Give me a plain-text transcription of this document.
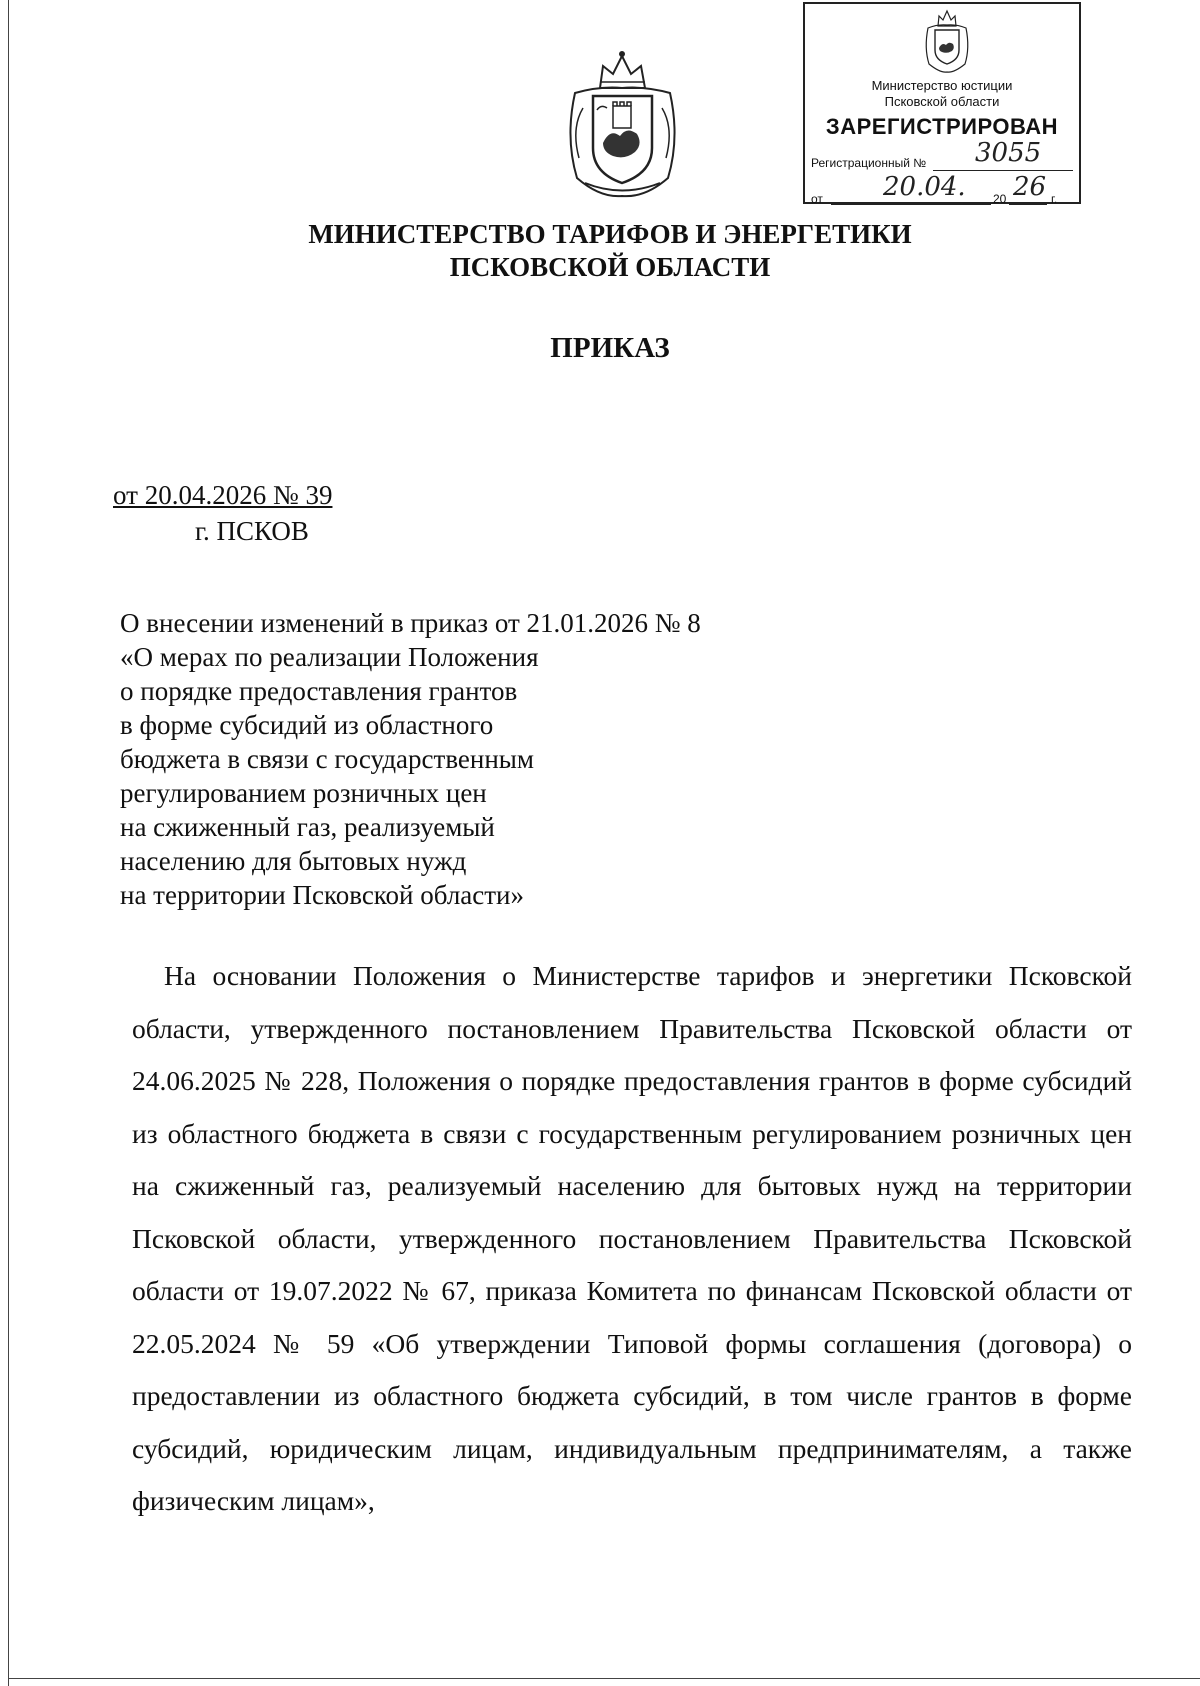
Министерство юстиции
Псковской области
ЗАРЕГИСТРИРОВАН
Регистрационный № 3055
от 20.04. 20 26 г.
МИНИСТЕРСТВО ТАРИФОВ И ЭНЕРГЕТИКИ
ПСКОВСКОЙ ОБЛАСТИ
ПРИКАЗ
от 20.04.2026 № 39
г. ПСКОВ
О внесении изменений в приказ от 21.01.2026 № 8
«О мерах по реализации Положения
о порядке предоставления грантов
в форме субсидий из областного
бюджета в связи с государственным
регулированием розничных цен
на сжиженный газ, реализуемый
населению для бытовых нужд
на территории Псковской области»
На основании Положения о Министерстве тарифов и энергетики Псковской области, утвержденного постановлением Правительства Псковской области от 24.06.2025 № 228, Положения о порядке предоставления грантов в форме субсидий из областного бюджета в связи с государственным регулированием розничных цен на сжиженный газ, реализуемый населению для бытовых нужд на территории Псковской области, утвержденного постановлением Правительства Псковской области от 19.07.2022 № 67, приказа Комитета по финансам Псковской области от 22.05.2024 № 59 «Об утверждении Типовой формы соглашения (договора) о предоставлении из областного бюджета субсидий, в том числе грантов в форме субсидий, юридическим лицам, индивидуальным предпринимателям, а также физическим лицам»,
